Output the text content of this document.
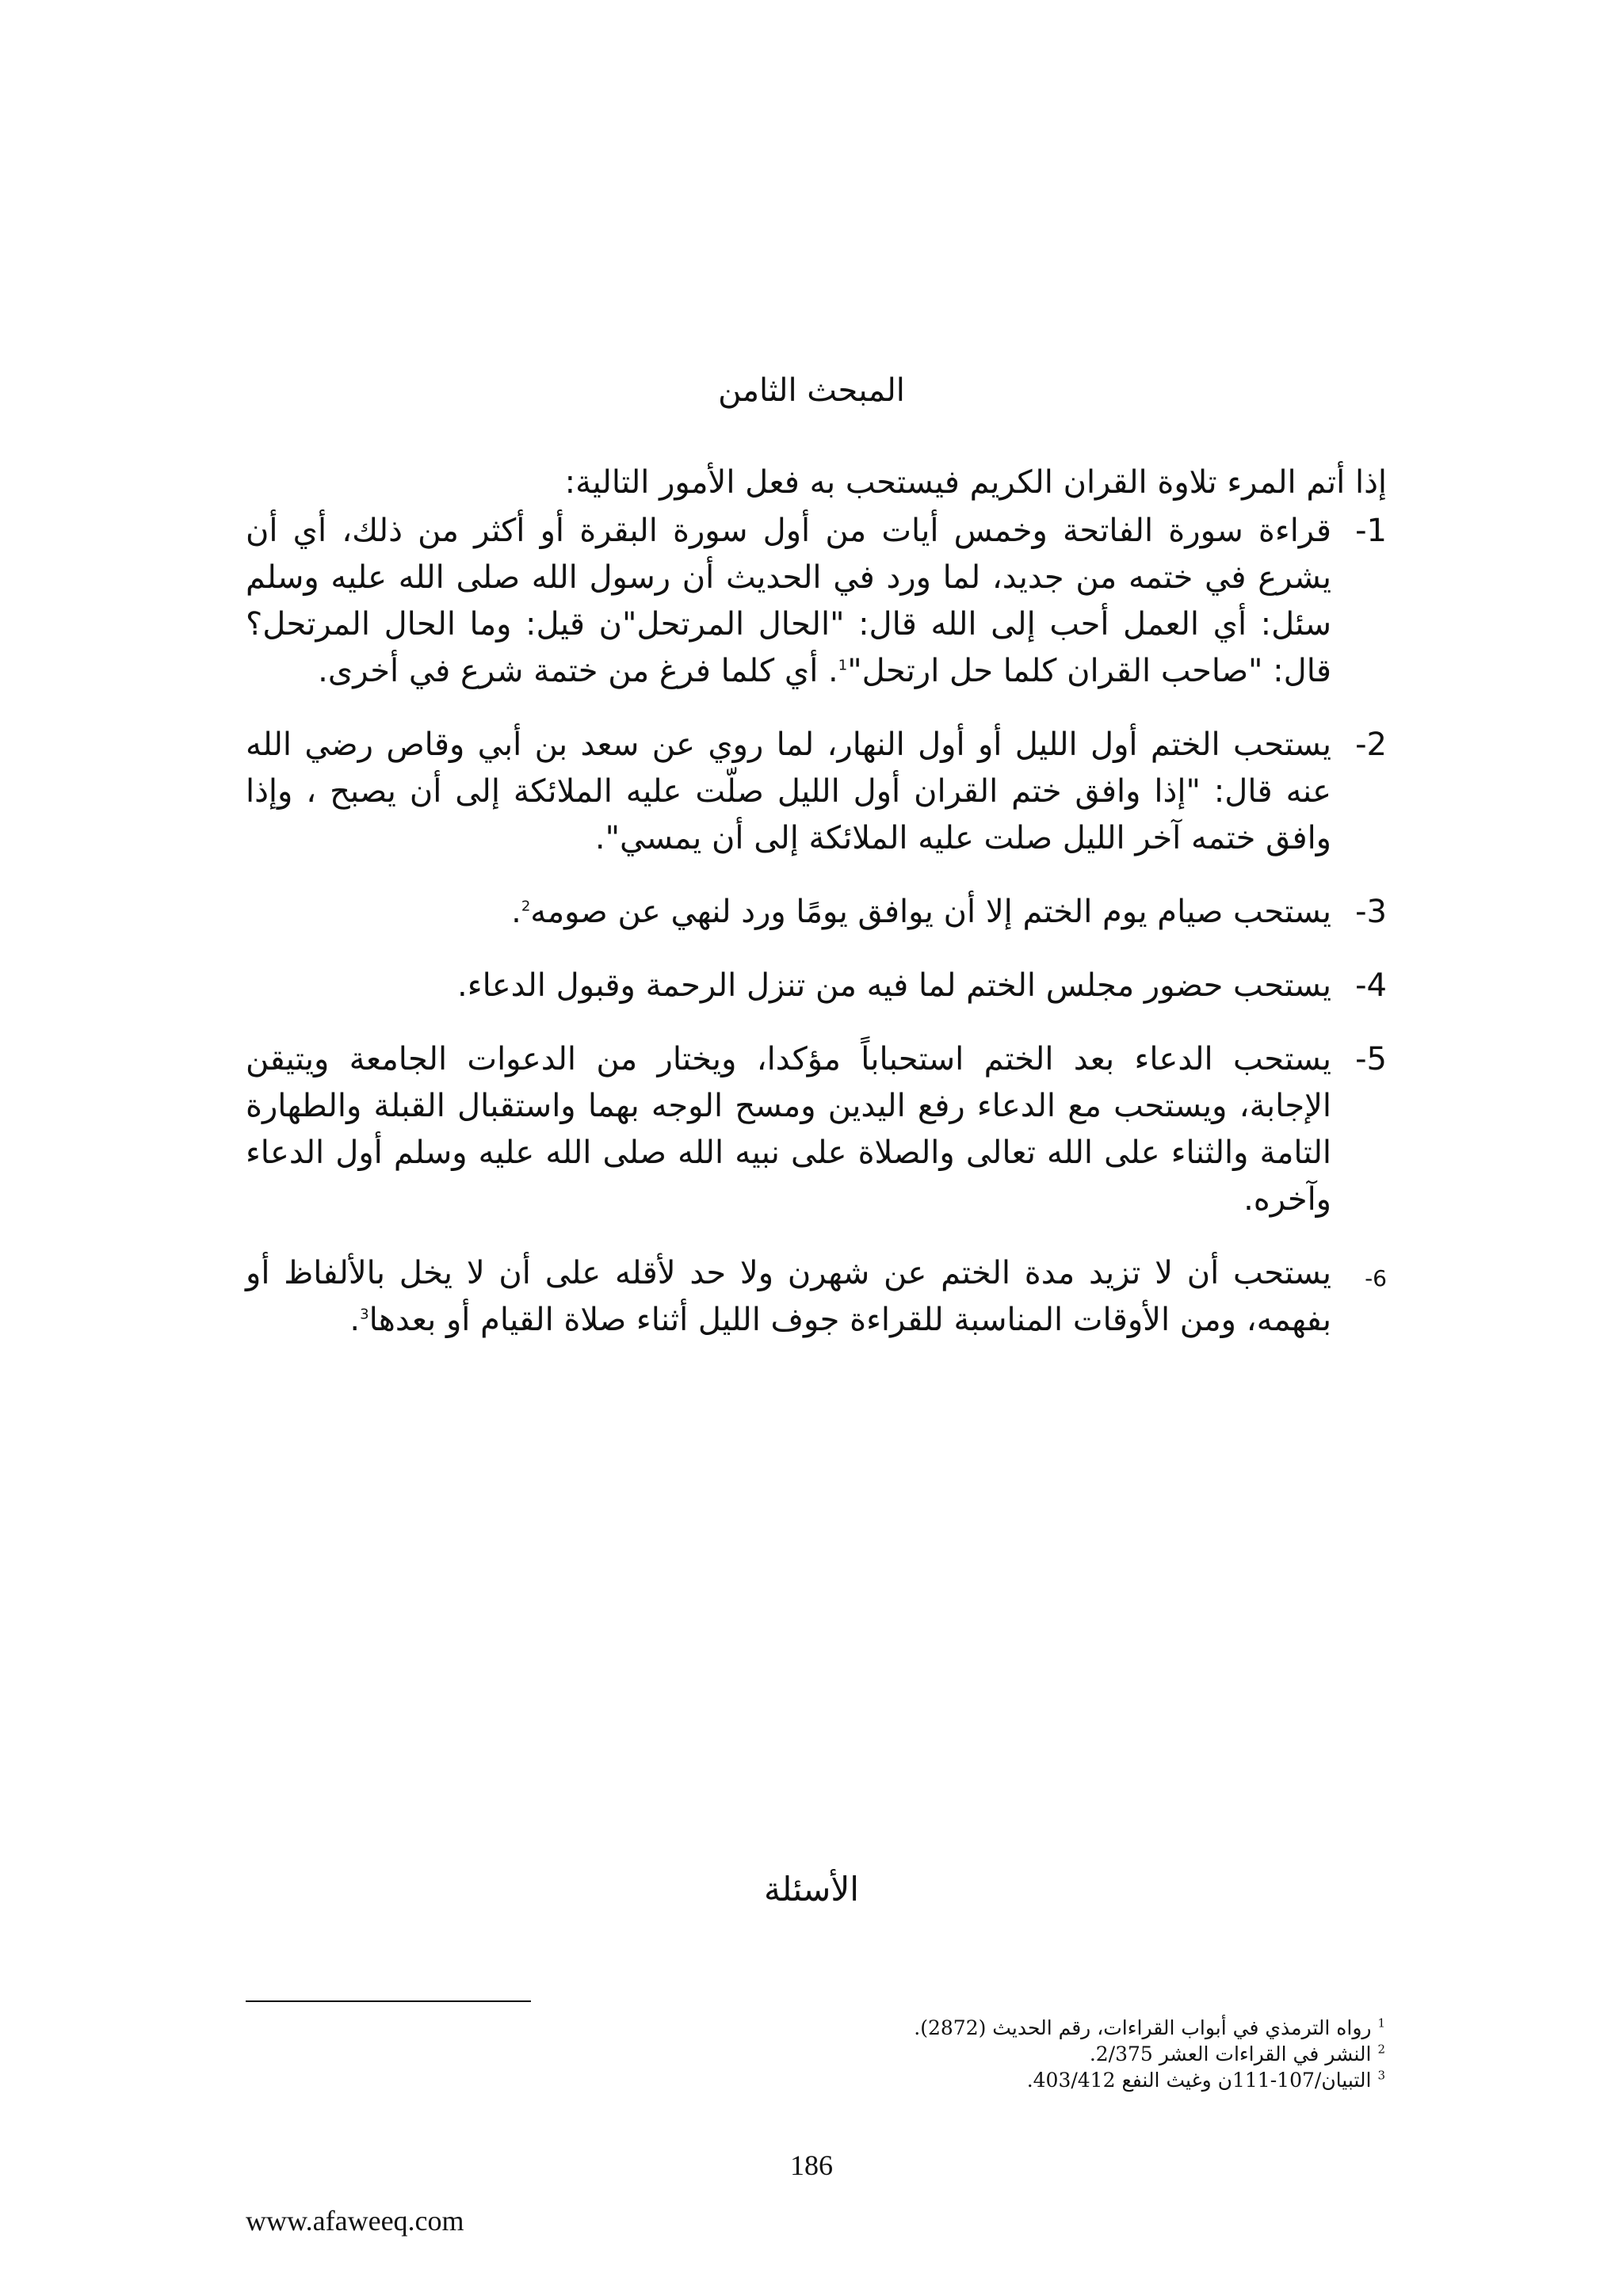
المبحث الثامن

إذا أتم المرء تلاوة القران الكريم فيستحب به فعل الأمور التالية:

1-
قراءة سورة الفاتحة وخمس أيات من أول سورة البقرة أو أكثر من ذلك، أي أن يشرع في ختمه من جديد، لما ورد في الحديث أن رسول الله صلى الله عليه وسلم سئل: أي العمل أحب إلى الله قال: "الحال المرتحل"ن قيل: وما الحال المرتحل؟ قال: "صاحب القران كلما حل ارتحل"$^1$. أي كلما فرغ من ختمة شرع في أخرى.
2-
يستحب الختم أول الليل أو أول النهار، لما روي عن سعد بن أبي وقاص رضي الله عنه قال: "إذا وافق ختم القران أول الليل صلّت عليه الملائكة إلى أن يصبح ، وإذا وافق ختمه آخر الليل صلت عليه الملائكة إلى أن يمسي".
3-
يستحب صيام يوم الختم إلا أن يوافق يومًا ورد لنهي عن صومه$^2$.
4-
يستحب حضور مجلس الختم لما فيه من تنزل الرحمة وقبول الدعاء.
5-
يستحب الدعاء بعد الختم استحباباً مؤكدا، ويختار من الدعوات الجامعة ويتيقن الإجابة، ويستحب مع الدعاء رفع اليدين ومسح الوجه بهما واستقبال القبلة والطهارة التامة والثناء على الله تعالى والصلاة على نبيه الله صلى الله عليه وسلم أول الدعاء وآخره.
6-
يستحب أن لا تزيد مدة الختم عن شهرن ولا حد لأقله على أن لا يخل بالألفاظ أو بفهمه، ومن الأوقات المناسبة للقراءة جوف الليل أثناء صلاة القيام أو بعدها$^3$.
الأسئلة
$^1$ رواه الترمذي في أبواب القراءات، رقم الحديث (2872).
$^2$ النشر في القراءات العشر 2/375.
$^3$ التبيان/107-111ن وغيث النفع 403/412.
186
www.afaweeq.com
